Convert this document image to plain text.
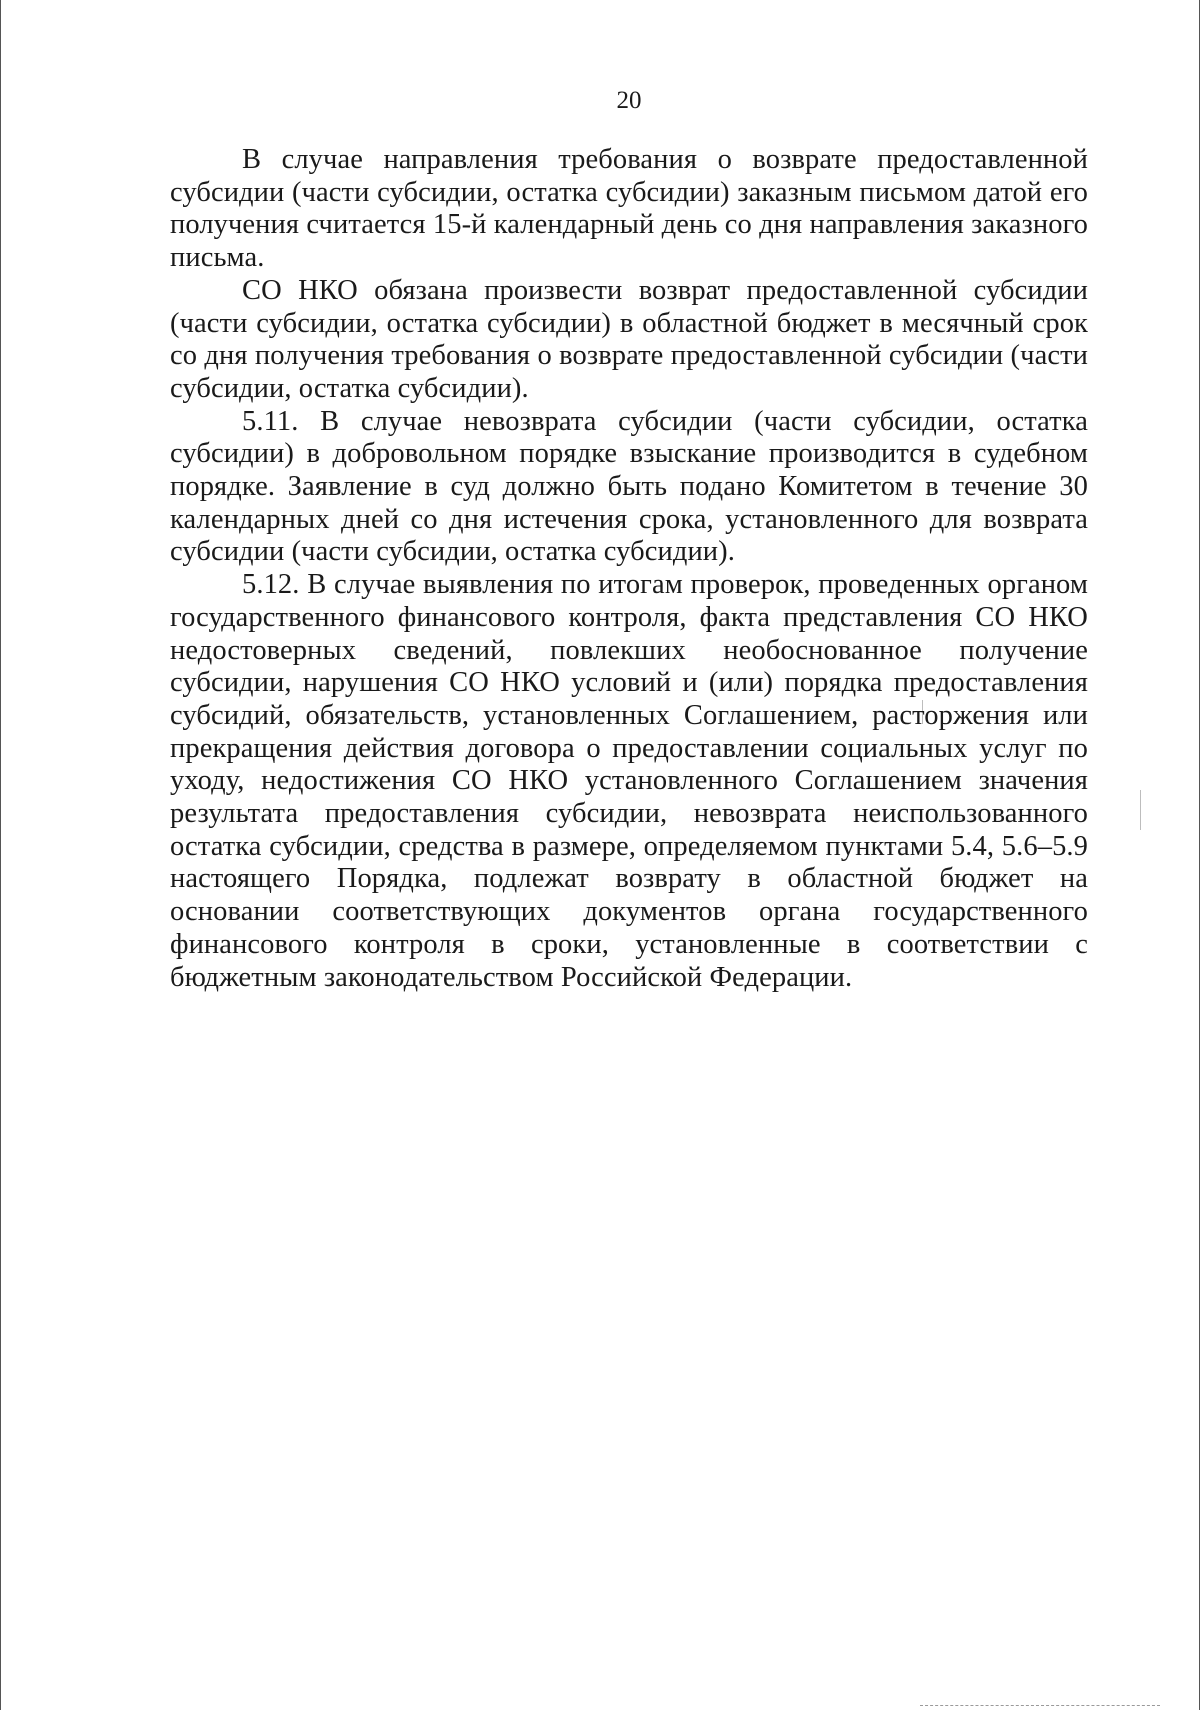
20

В случае направления требования о возврате предоставленной субсидии (части субсидии, остатка субсидии) заказным письмом датой его получения считается 15-й календарный день со дня направления заказного письма.

СО НКО обязана произвести возврат предоставленной субсидии (части субсидии, остатка субсидии) в областной бюджет в месячный срок со дня получения требования о возврате предоставленной субсидии (части субсидии, остатка субсидии).

5.11. В случае невозврата субсидии (части субсидии, остатка субсидии) в добровольном порядке взыскание производится в судебном порядке. Заявление в суд должно быть подано Комитетом в течение 30 календарных дней со дня истечения срока, установленного для возврата субсидии (части субсидии, остатка субсидии).

5.12. В случае выявления по итогам проверок, проведенных органом государственного финансового контроля, факта представления СО НКО недостоверных сведений, повлекших необоснованное получение субсидии, нарушения СО НКО условий и (или) порядка предоставления субсидий, обязательств, установленных Соглашением, расторжения или прекращения действия договора о предоставлении социальных услуг по уходу, недостижения СО НКО установленного Соглашением значения результата предоставления субсидии, невозврата неиспользованного остатка субсидии, средства в размере, определяемом пунктами 5.4, 5.6–5.9 настоящего Порядка, подлежат возврату в областной бюджет на основании соответствующих документов органа государственного финансового контроля в сроки, установленные в соответствии с бюджетным законодательством Российской Федерации.
